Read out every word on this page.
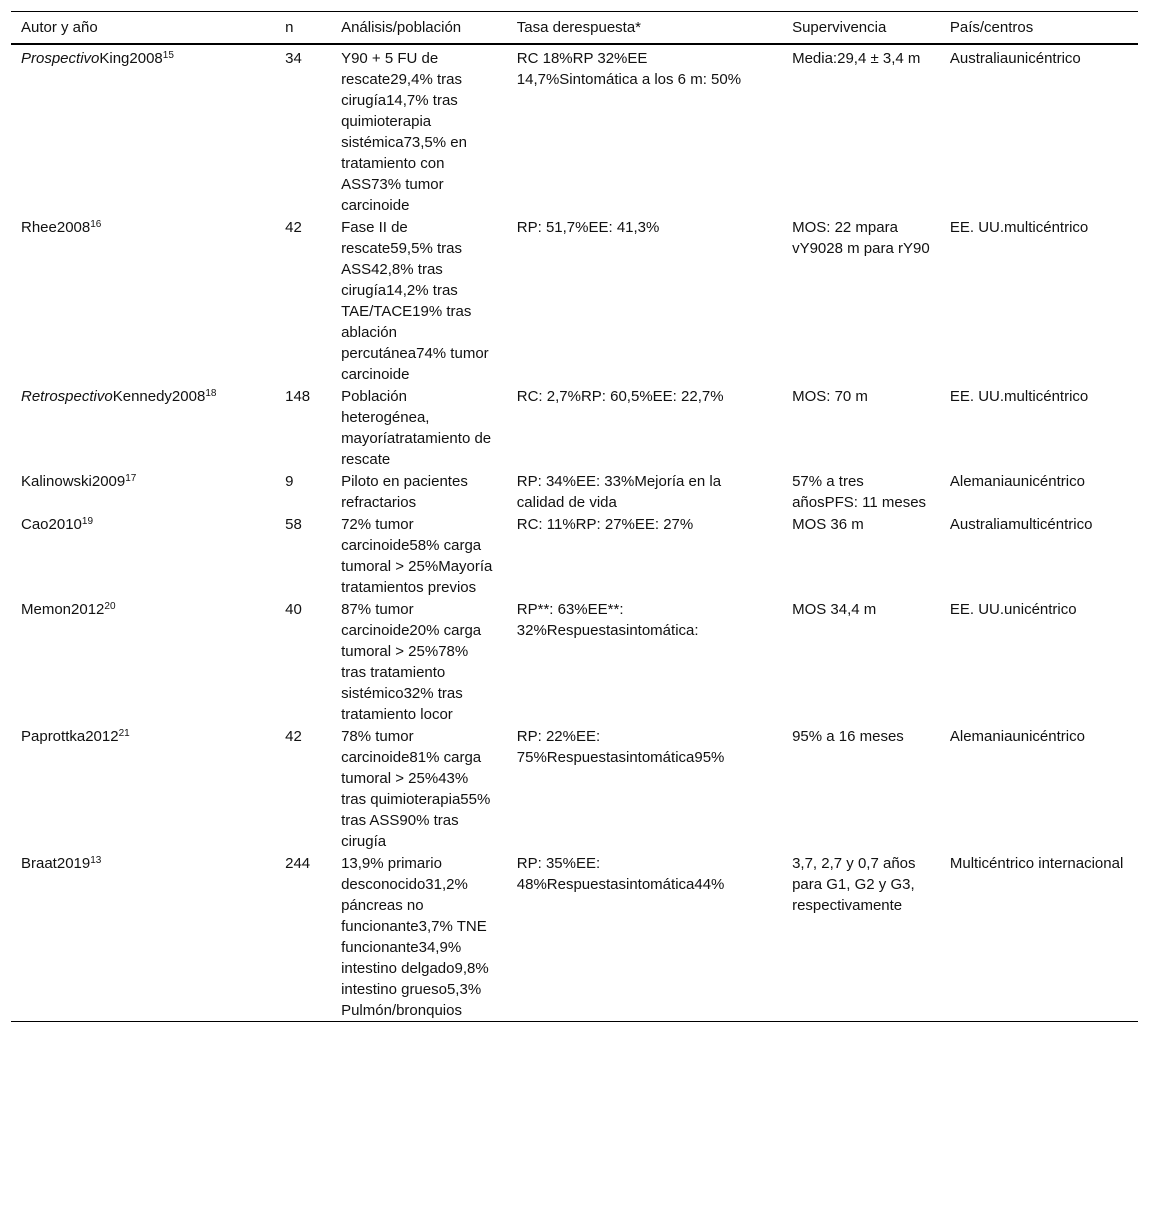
Autor y año	n	Análisis/población	Tasa derespuesta*	Supervivencia	País/centros
ProspectivoKing2008$^{15}$	34	Y90 + 5 FU de rescate29,4% tras cirugía14,7% tras quimioterapia sistémica73,5% en tratamiento con ASS73% tumor carcinoide	RC 18%RP 32%EE 14,7%Sintomática a los 6 m: 50%	Media:29,4 ± 3,4 m	Australiaunicéntrico
Rhee2008$^{16}$	42	Fase II de rescate59,5% tras ASS42,8% tras cirugía14,2% tras TAE/TACE19% tras ablación percutánea74% tumor carcinoide	RP: 51,7%EE: 41,3%	MOS: 22 mpara vY9028 m para rY90	EE. UU.multicéntrico
RetrospectivoKennedy2008$^{18}$	148	Población heterogénea, mayoríatratamiento de rescate	RC: 2,7%RP: 60,5%EE: 22,7%	MOS: 70 m	EE. UU.multicéntrico
Kalinowski2009$^{17}$	9	Piloto en pacientes refractarios	RP: 34%EE: 33%Mejoría en la calidad de vida	57% a tres añosPFS: 11 meses	Alemaniaunicéntrico
Cao2010$^{19}$	58	72% tumor carcinoide58% carga tumoral > 25%Mayoría tratamientos previos	RC: 11%RP: 27%EE: 27%	MOS 36 m	Australiamulticéntrico
Memon2012$^{20}$	40	87% tumor carcinoide20% carga tumoral > 25%78% tras tratamiento sistémico32% tras tratamiento locor	RP**: 63%EE**: 32%Respuestasintomática:	MOS 34,4 m	EE. UU.unicéntrico
Paprottka2012$^{21}$	42	78% tumor carcinoide81% carga tumoral > 25%43% tras quimioterapia55% tras ASS90% tras cirugía	RP: 22%EE: 75%Respuestasintomática95%	95% a 16 meses	Alemaniaunicéntrico
Braat2019$^{13}$	244	13,9% primario desconocido31,2% páncreas no funcionante3,7% TNE funcionante34,9% intestino delgado9,8% intestino grueso5,3% Pulmón/bronquios	RP: 35%EE: 48%Respuestasintomática44%	3,7, 2,7 y 0,7 años para G1, G2 y G3, respectivamente	Multicéntrico internacional
